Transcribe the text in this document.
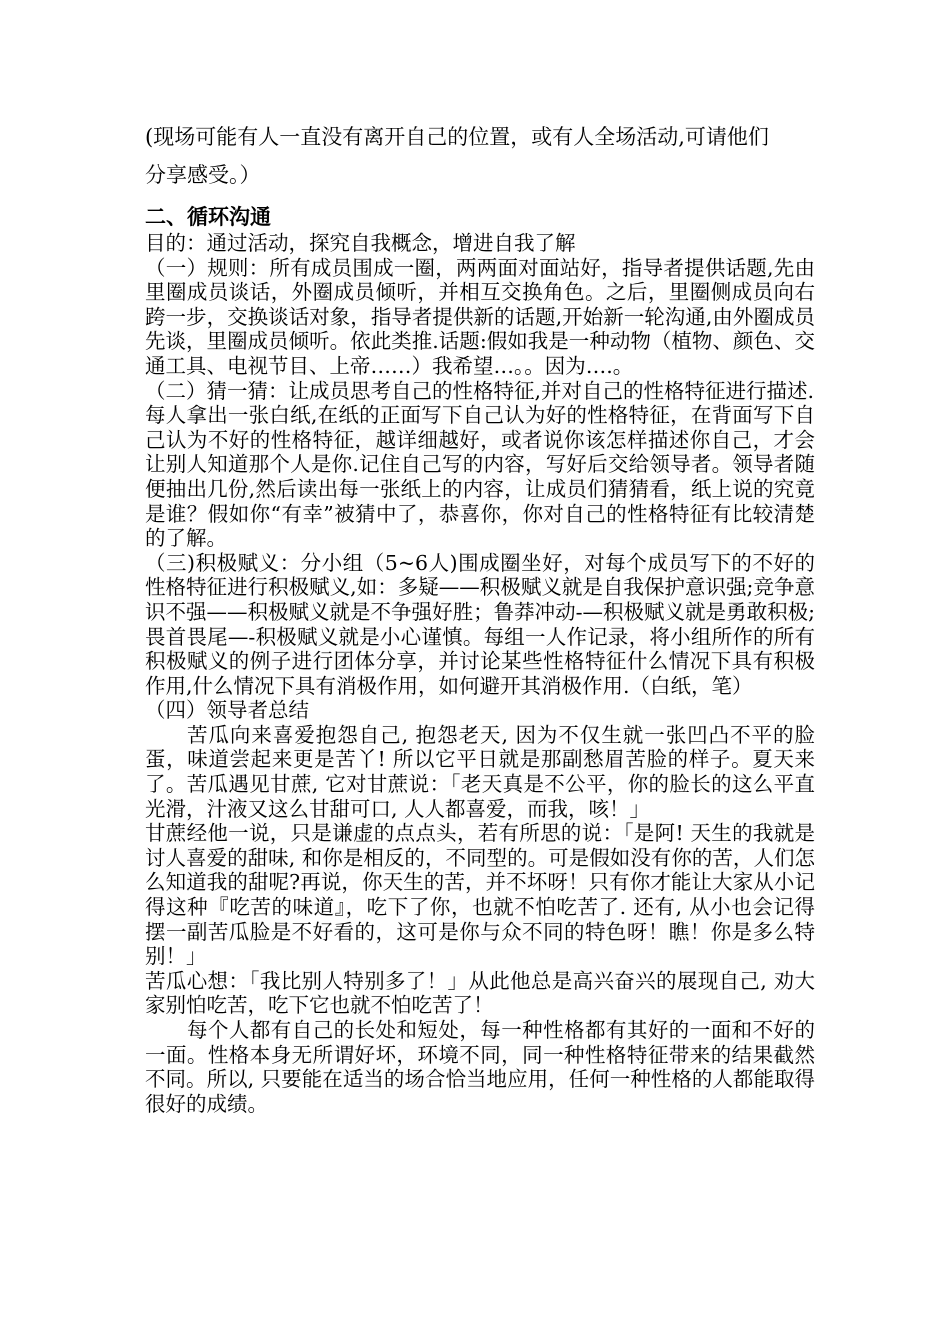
(现场可能有人一直没有离开自己的位置，或有人全场活动,可请他们

分享感受。）

二、循环沟通

目的：通过活动，探究自我概念，增进自我了解

（一）规则：所有成员围成一圈，两两面对面站好，指导者提供话题,先由里圈成员谈话，外圈成员倾听，并相互交换角色。之后，里圈侧成员向右跨一步，交换谈话对象，指导者提供新的话题,开始新一轮沟通,由外圈成员先谈，里圈成员倾听。依此类推.话题:假如我是一种动物（植物、颜色、交通工具、电视节目、上帝……）我希望…。。因为….。

（二）猜一猜：让成员思考自己的性格特征,并对自己的性格特征进行描述.

每人拿出一张白纸,在纸的正面写下自己认为好的性格特征，在背面写下自己认为不好的性格特征，越详细越好，或者说你该怎样描述你自己，才会让别人知道那个人是你.记住自己写的内容，写好后交给领导者。领导者随便抽出几份,然后读出每一张纸上的内容，让成员们猜猜看，纸上说的究竟是谁？假如你“有幸”被猜中了，恭喜你，你对自己的性格特征有比较清楚的了解。

（三)积极赋义：分小组（5~6人)围成圈坐好，对每个成员写下的不好的性格特征进行积极赋义,如：多疑——积极赋义就是自我保护意识强;竞争意识不强——积极赋义就是不争强好胜；鲁莽冲动-—积极赋义就是勇敢积极;畏首畏尾—-积极赋义就是小心谨慎。每组一人作记录，将小组所作的所有积极赋义的例子进行团体分享，并讨论某些性格特征什么情况下具有积极作用,什么情况下具有消极作用，如何避开其消极作用.（白纸，笔）

（四）领导者总结

苦瓜向来喜爱抱怨自己, 抱怨老天, 因为不仅生就一张凹凸不平的脸蛋，味道尝起来更是苦丫! 所以它平日就是那副愁眉苦脸的样子。夏天来了。苦瓜遇见甘蔗, 它对甘蔗说：「老天真是不公平，你的脸长的这么平直光滑，汁液又这么甘甜可口, 人人都喜爱，而我，咳！」

甘蔗经他一说，只是谦虚的点点头，若有所思的说：「是阿! 天生的我就是讨人喜爱的甜味, 和你是相反的，不同型的。可是假如没有你的苦，人们怎么知道我的甜呢?再说，你天生的苦，并不坏呀！只有你才能让大家从小记得这种『吃苦的味道』，吃下了你，也就不怕吃苦了. 还有, 从小也会记得摆一副苦瓜脸是不好看的，这可是你与众不同的特色呀！瞧！你是多么特别！」

苦瓜心想：「我比别人特别多了！」从此他总是高兴奋兴的展现自己, 劝大家别怕吃苦，吃下它也就不怕吃苦了！

每个人都有自己的长处和短处，每一种性格都有其好的一面和不好的一面。性格本身无所谓好坏，环境不同，同一种性格特征带来的结果截然不同。所以, 只要能在适当的场合恰当地应用，任何一种性格的人都能取得很好的成绩。
